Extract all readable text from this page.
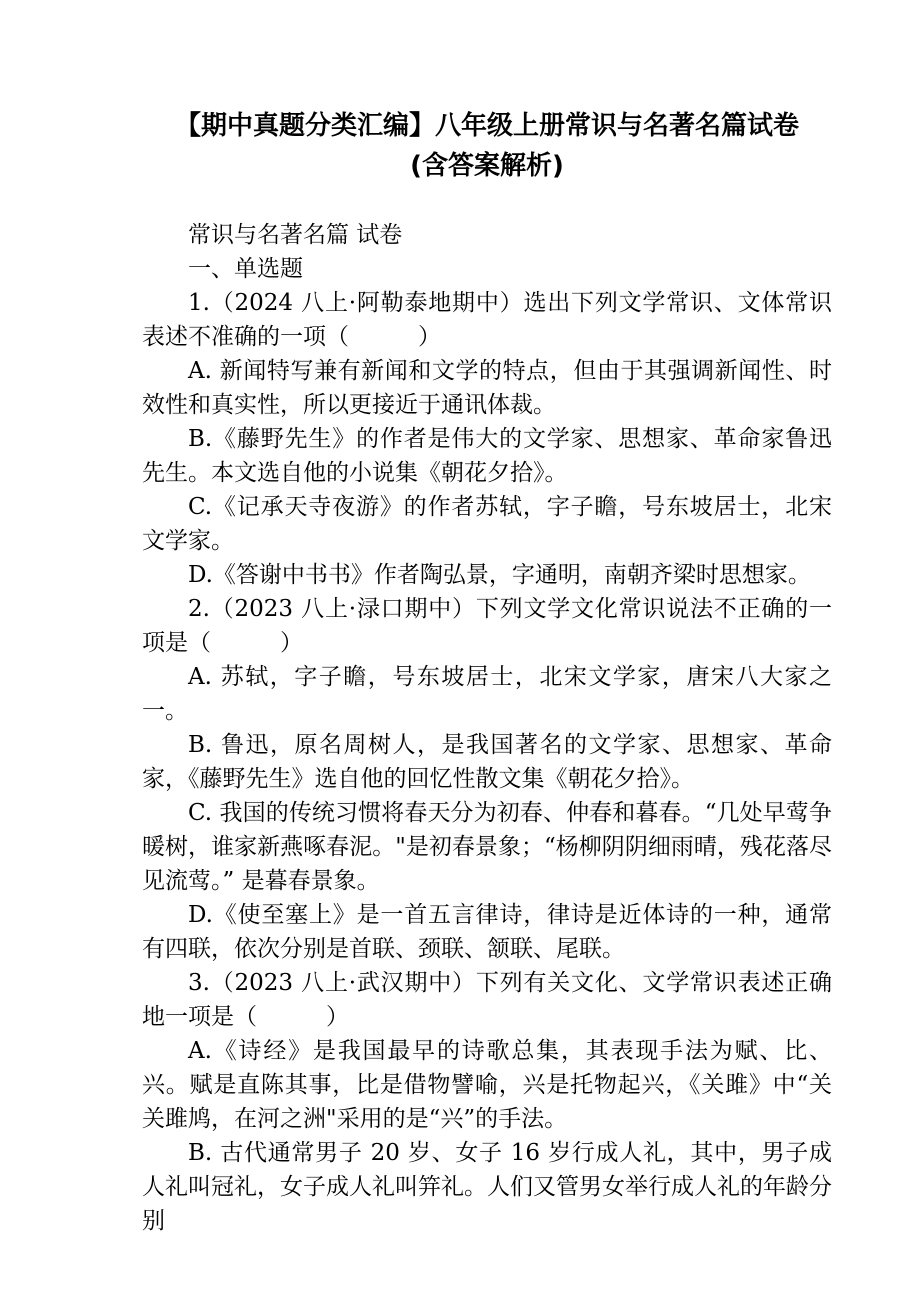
【期中真题分类汇编】八年级上册常识与名著名篇试卷
(含答案解析)

常识与名著名篇 试卷

一、单选题

1.（2024 八上·阿勒泰地期中）选出下列文学常识、文体常识表述不准确的一项（　　　）

A. 新闻特写兼有新闻和文学的特点，但由于其强调新闻性、时效性和真实性，所以更接近于通讯体裁。

B.《藤野先生》的作者是伟大的文学家、思想家、革命家鲁迅先生。本文选自他的小说集《朝花夕拾》。

C.《记承天寺夜游》的作者苏轼，字子瞻，号东坡居士，北宋文学家。

D.《答谢中书书》作者陶弘景，字通明，南朝齐梁时思想家。

2.（2023 八上·渌口期中）下列文学文化常识说法不正确的一项是（　　　）

A. 苏轼，字子瞻，号东坡居士，北宋文学家，唐宋八大家之一。

B. 鲁迅，原名周树人，是我国著名的文学家、思想家、革命家，《藤野先生》选自他的回忆性散文集《朝花夕拾》。

C. 我国的传统习惯将春天分为初春、仲春和暮春。“几处早莺争暖树，谁家新燕啄春泥。"是初春景象；“杨柳阴阴细雨晴，残花落尽见流莺。” 是暮春景象。

D.《使至塞上》是一首五言律诗，律诗是近体诗的一种，通常有四联，依次分别是首联、颈联、颔联、尾联。

3.（2023 八上·武汉期中）下列有关文化、文学常识表述正确地一项是（　　　）

A.《诗经》是我国最早的诗歌总集，其表现手法为赋、比、兴。赋是直陈其事，比是借物譬喻，兴是托物起兴，《关雎》中“关关雎鸠，在河之洲"采用的是“兴”的手法。

B. 古代通常男子 20 岁、女子 16 岁行成人礼，其中，男子成人礼叫冠礼，女子成人礼叫笄礼。人们又管男女举行成人礼的年龄分别
